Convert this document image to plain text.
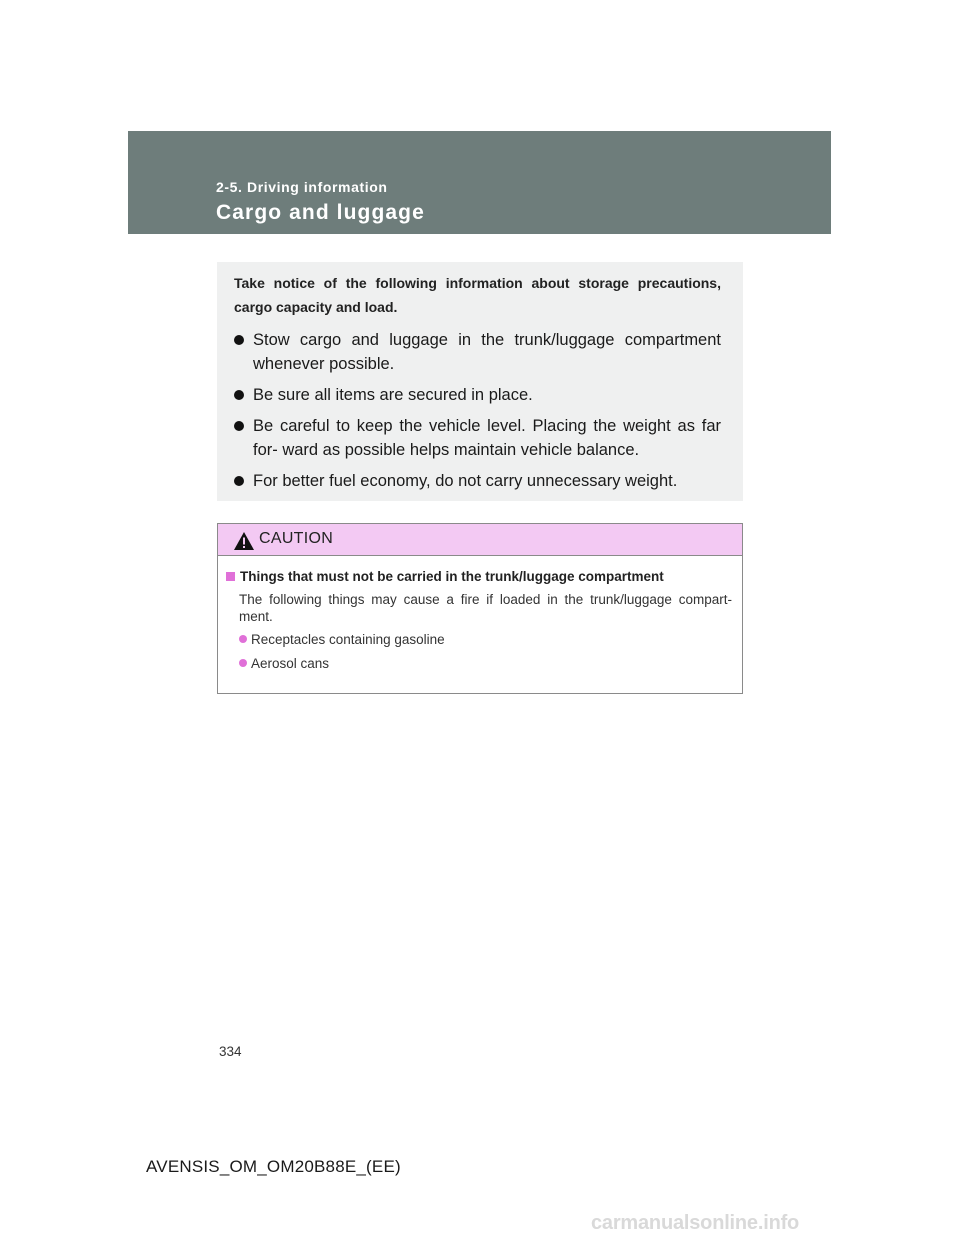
2-5. Driving information
Cargo and luggage

Take notice of the following information about storage precautions, cargo capacity and load.

Stow cargo and luggage in the trunk/luggage compartment whenever possible.
Be sure all items are secured in place.
Be careful to keep the vehicle level. Placing the weight as far for- ward as possible helps maintain vehicle balance.
For better fuel economy, do not carry unnecessary weight.
CAUTION
Things that must not be carried in the trunk/luggage compartment

The following things may cause a fire if loaded in the trunk/luggage compart- ment.

Receptacles containing gasoline
Aerosol cans
334
AVENSIS_OM_OM20B88E_(EE)
carmanualsonline.info
